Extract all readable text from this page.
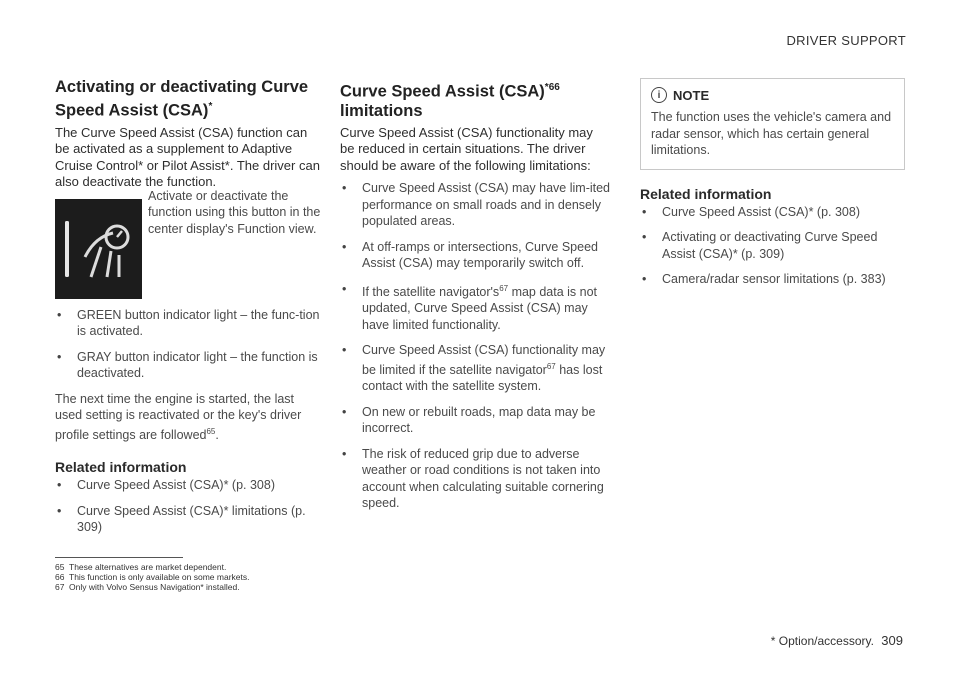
DRIVER SUPPORT
Activating or deactivating Curve Speed Assist (CSA)*
The Curve Speed Assist (CSA) function can be activated as a supplement to Adaptive Cruise Control* or Pilot Assist*. The driver can also deactivate the function.
Activate or deactivate the function using this button in the center display's Function view.
• GREEN button indicator light – the func-tion is activated.
• GRAY button indicator light – the function is deactivated.

The next time the engine is started, the last used setting is reactivated or the key's driver profile settings are followed$^{65}$.

Related information
• Curve Speed Assist (CSA)* (p. 308)
• Curve Speed Assist (CSA)* limitations (p. 309)
Curve Speed Assist (CSA)$^{*66}$
limitations
Curve Speed Assist (CSA) functionality may be reduced in certain situations. The driver should be aware of the following limitations:
• Curve Speed Assist (CSA) may have lim-ited performance on small roads and in densely populated areas.
• At off-ramps or intersections, Curve Speed Assist (CSA) may temporarily switch off.
• If the satellite $navigator's^{67}$ map data is not updated, Curve Speed Assist (CSA) may have limited functionality.
• Curve Speed Assist (CSA) functionality may be limited if the satellite navigator$^{67}$ has lost contact with the satellite system.
• On new or rebuilt roads, map data may be incorrect.
• The risk of reduced grip due to adverse weather or road conditions is not taken into account when calculating suitable cornering speed.
i NOTE
The function uses the vehicle's camera and radar sensor, which has certain general limitations.
Related information
• Curve Speed Assist (CSA)* (p. 308)
• Activating or deactivating Curve Speed Assist (CSA)* (p. 309)
• Camera/radar sensor limitations (p. 383)
65 These alternatives are market dependent.
66 This function is only available on some markets.
67 Only with Volvo Sensus Navigation* installed.
* Option/accessory. 309
